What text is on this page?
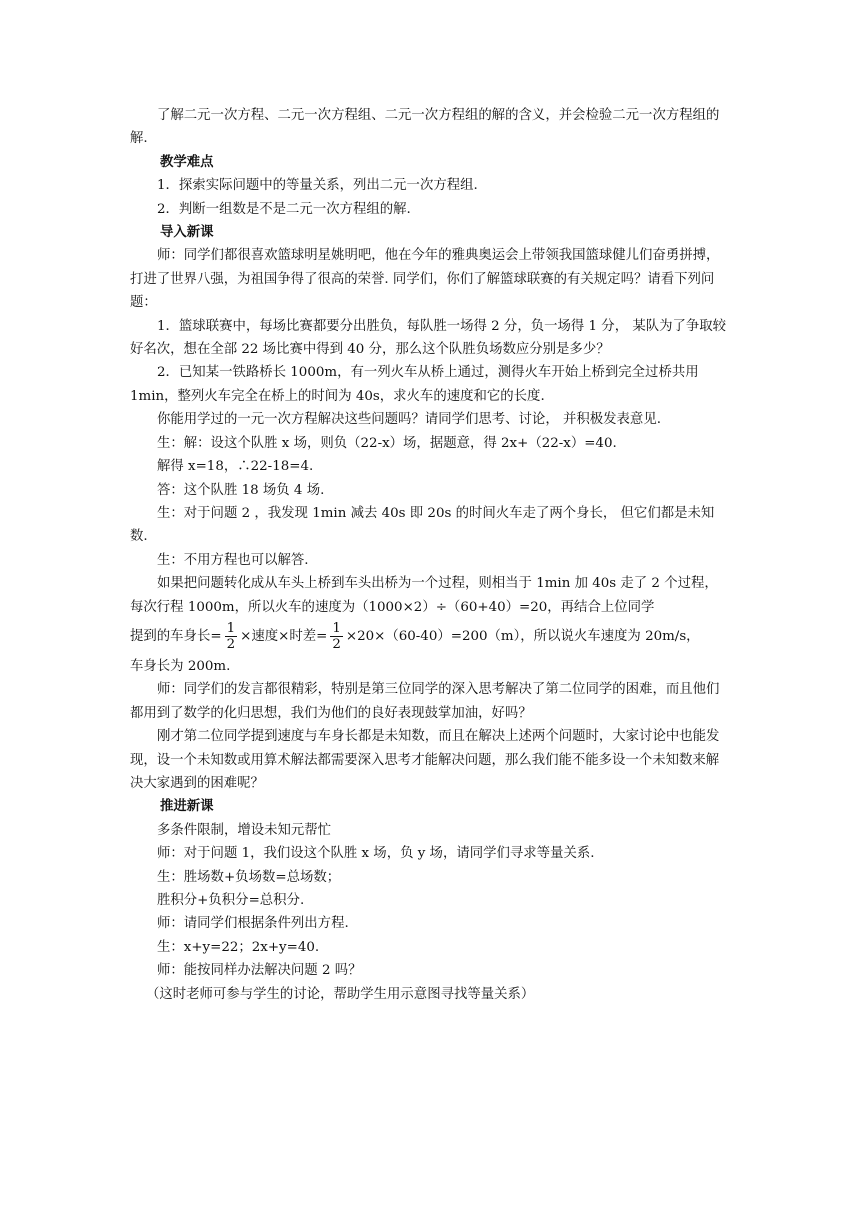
了解二元一次方程、二元一次方程组、二元一次方程组的解的含义，并会检验二元一次方程组的解.

教学难点

1．探索实际问题中的等量关系，列出二元一次方程组.

2．判断一组数是不是二元一次方程组的解.

导入新课

师：同学们都很喜欢篮球明星姚明吧，他在今年的雅典奥运会上带领我国篮球健儿们奋勇拼搏，打进了世界八强，为祖国争得了很高的荣誉. 同学们，你们了解篮球联赛的有关规定吗？请看下列问题：

1．篮球联赛中，每场比赛都要分出胜负，每队胜一场得 2 分，负一场得 1 分， 某队为了争取较好名次，想在全部 22 场比赛中得到 40 分，那么这个队胜负场数应分别是多少？

2．已知某一铁路桥长 1000m，有一列火车从桥上通过，测得火车开始上桥到完全过桥共用 1min，整列火车完全在桥上的时间为 40s，求火车的速度和它的长度.

你能用学过的一元一次方程解决这些问题吗？请同学们思考、讨论， 并积极发表意见.

生：解：设这个队胜 x 场，则负（22-x）场，据题意，得 2x+（22-x）=40.

解得 x=18，∴22-18=4.

答：这个队胜 18 场负 4 场.

生：对于问题 2 ，我发现 1min 减去 40s 即 20s 的时间火车走了两个身长， 但它们都是未知数.

生：不用方程也可以解答.

如果把问题转化成从车头上桥到车头出桥为一个过程，则相当于 1min 加 40s 走了 2 个过程，每次行程 1000m，所以火车的速度为（1000×2）÷（60+40）=20，再结合上位同学

提到的车身长= $\frac{1}{2}$ ×速度×时差= $\frac{1}{2} \times 20\times(60-40)=200(m)$，所以说火车速度为 20m/s，

车身长为 200m.

师：同学们的发言都很精彩，特别是第三位同学的深入思考解决了第二位同学的困难，而且他们都用到了数学的化归思想，我们为他们的良好表现鼓掌加油，好吗？

刚才第二位同学提到速度与车身长都是未知数，而且在解决上述两个问题时，大家讨论中也能发现，设一个未知数或用算术解法都需要深入思考才能解决问题，那么我们能不能多设一个未知数来解决大家遇到的困难呢？

推进新课

多条件限制，增设未知元帮忙

师：对于问题 1，我们设这个队胜 x 场，负 y 场，请同学们寻求等量关系.

生：胜场数+负场数=总场数；

胜积分+负积分=总积分.

师：请同学们根据条件列出方程.

生：x+y=22；2x+y=40.

师：能按同样办法解决问题 2 吗？

（这时老师可参与学生的讨论，帮助学生用示意图寻找等量关系）
